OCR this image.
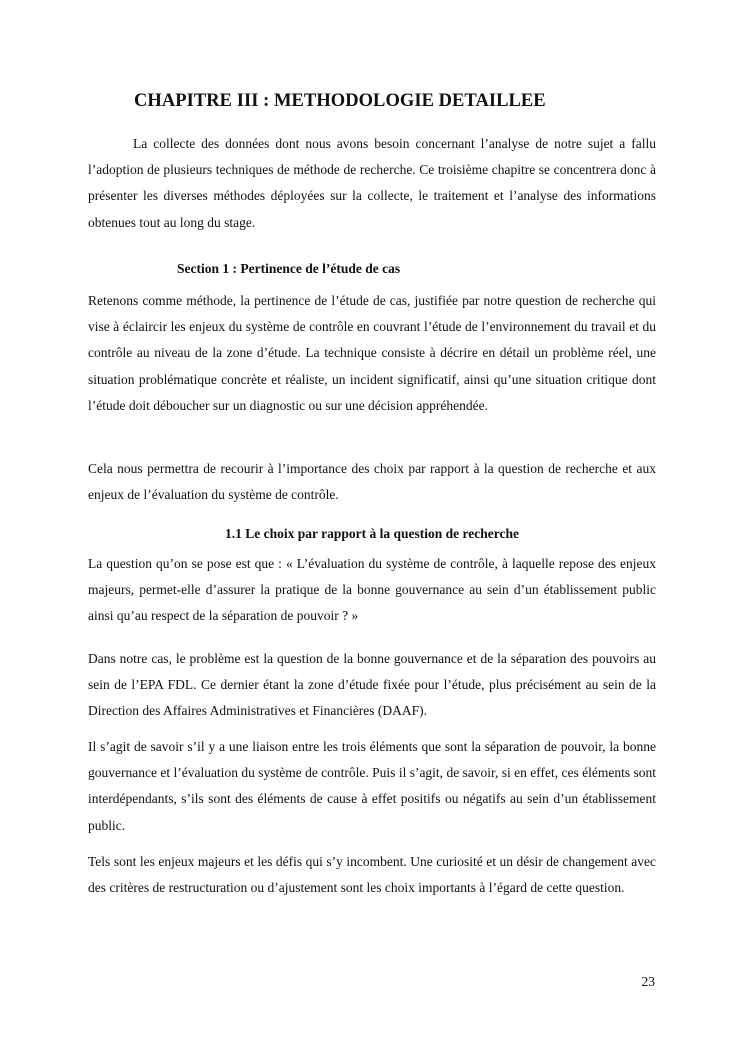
CHAPITRE III : METHODOLOGIE DETAILLEE

La collecte des données dont nous avons besoin concernant l’analyse de notre sujet a fallu l’adoption de plusieurs techniques de méthode de recherche. Ce troisième chapitre se concentrera donc à présenter les diverses méthodes déployées sur la collecte, le traitement et l’analyse des informations obtenues tout au long du stage.

Section 1 : Pertinence de l’étude de cas

Retenons comme méthode, la pertinence de l’étude de cas, justifiée par notre question de recherche qui vise à éclaircir les enjeux du système de contrôle en couvrant l’étude de l’environnement du travail et du contrôle au niveau de la zone d’étude. La technique consiste à décrire en détail un problème réel, une situation problématique concrète et réaliste, un incident significatif, ainsi qu’une situation critique dont l’étude doit déboucher sur un diagnostic ou sur une décision appréhendée.

Cela nous permettra de recourir à l’importance des choix par rapport à la question de recherche et aux enjeux de l’évaluation du système de contrôle.

1.1 Le choix par rapport à la question de recherche

La question qu’on se pose est que : « L’évaluation du système de contrôle, à laquelle repose des enjeux majeurs, permet-elle d’assurer la pratique de la bonne gouvernance au sein d’un établissement public ainsi qu’au respect de la séparation de pouvoir ? »

Dans notre cas, le problème est la question de la bonne gouvernance et de la séparation des pouvoirs au sein de l’EPA FDL. Ce dernier étant la zone d’étude fixée pour l’étude, plus précisément au sein de la Direction des Affaires Administratives et Financières (DAAF).

Il s’agit de savoir s’il y a une liaison entre les trois éléments que sont la séparation de pouvoir, la bonne gouvernance et l’évaluation du système de contrôle. Puis il s’agit, de savoir, si en effet, ces éléments sont interdépendants, s’ils sont des éléments de cause à effet positifs ou négatifs au sein d’un établissement public.

Tels sont les enjeux majeurs et les défis qui s’y incombent. Une curiosité et un désir de changement avec des critères de restructuration ou d’ajustement sont les choix importants à l’égard de cette question.

23
